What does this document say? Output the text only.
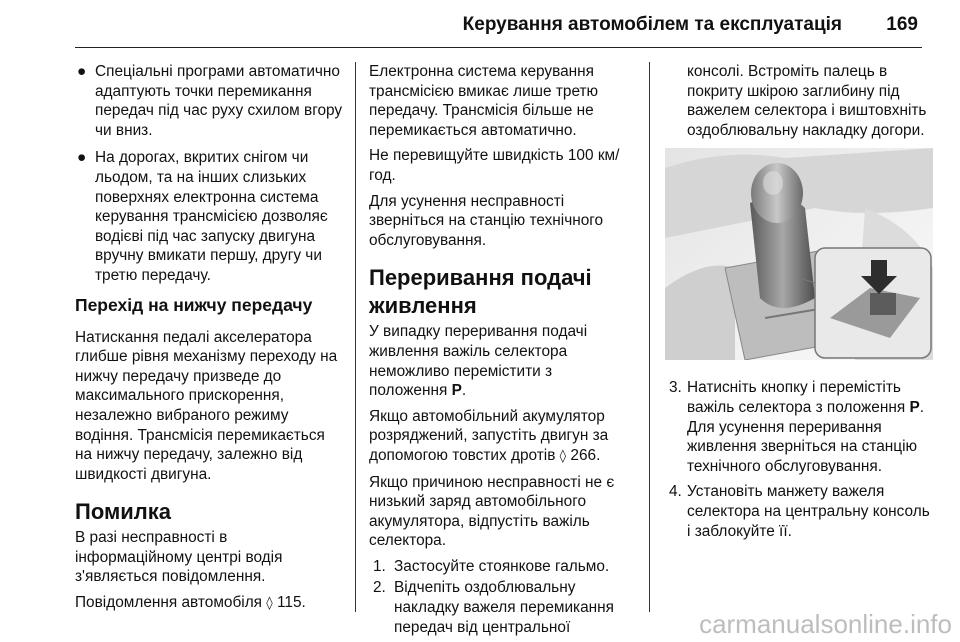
Керування автомобілем та експлуатація 169
● Спеціальні програми автоматично адаптують точки перемикання передач під час руху схилом вгору чи вниз.
● На дорогах, вкритих снігом чи льодом, та на інших слизьких поверхнях електронна система керування трансмісією дозволяє водієві під час запуску двигуна вручну вмикати першу, другу чи третю передачу.
Перехід на нижчу передачу

Натискання педалі акселератора глибше рівня механізму переходу на нижчу передачу призведе до максимального прискорення, незалежно вибраного режиму водіння. Трансмісія перемикається на нижчу передачу, залежно від швидкості двигуна.

Помилка

В разі несправності в інформаційному центрі водія з'являється повідомлення.

Повідомлення автомобіля ◊ 115.

Електронна система керування трансмісією вмикає лише третю передачу. Трансмісія більше не перемикається автоматично.

Не перевищуйте швидкість 100 км/год.

Для усунення несправності зверніться на станцію технічного обслуговування.

Переривання подачі живлення

У випадку переривання подачі живлення важіль селектора неможливо перемістити з положення P.

Якщо автомобільний акумулятор розряджений, запустіть двигун за допомогою товстих дротів ◊ 266.

Якщо причиною несправності не є низький заряд автомобільного акумулятора, відпустіть важіль селектора.

1. Застосуйте стоянкове гальмо.
2. Відчепіть оздоблювальну накладку важеля перемикання передач від центральної

консолі. Встроміть палець в покриту шкірою заглибину під важелем селектора і виштовхніть оздоблювальну накладку догори.

3. Натисніть кнопку і перемістіть важіль селектора з положення P. Для усунення переривання живлення зверніться на станцію технічного обслуговування.
4. Установіть манжету важеля селектора на центральну консоль і заблокуйте її.
carmanualsonline.info
